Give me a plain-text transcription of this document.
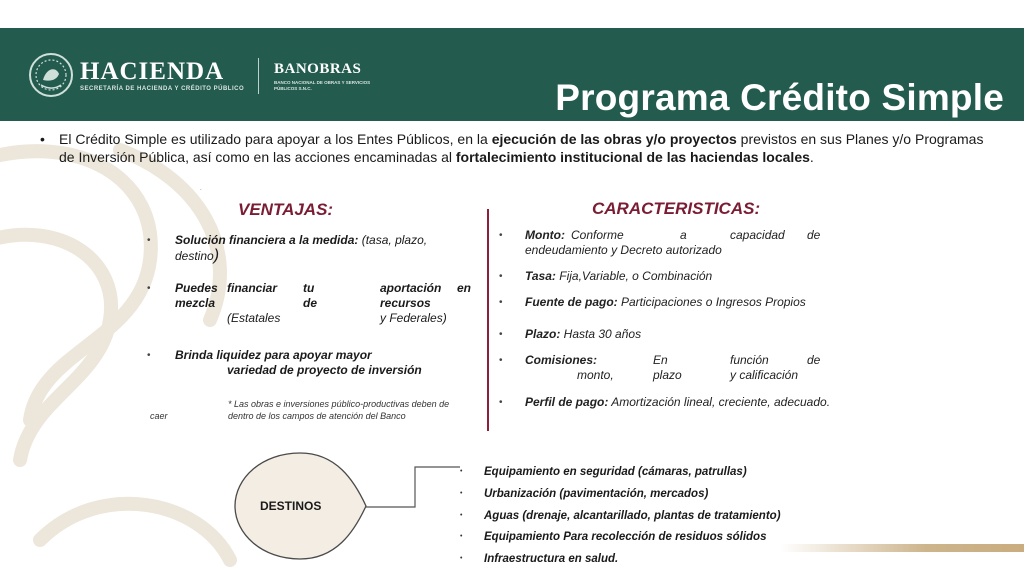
HACIENDA
SECRETARÍA DE HACIENDA Y CRÉDITO PÚBLICO
BANOBRAS
BANCO NACIONAL DE OBRAS Y SERVICIOS PÚBLICOS S.N.C.	Programa Crédito Simple
• El Crédito Simple es utilizado para apoyar a los Entes Públicos, en la ejecución de las obras y/o proyectos previstos en sus Planes y/o Programas de Inversión Pública, así como en las acciones encaminadas al fortalecimiento institucional de las haciendas locales.
.
VENTAJAS:
• Solución financiera a la medida: (tasa, plazo,
destino)
• Puedes financiar tu	aportación en
mezcla	de	recursos
(Estatales	y Federales)
• Brinda liquidez para apoyar mayor
variedad de proyecto de inversión
* Las obras e inversiones público-productivas deben de
caer	dentro de los campos de atención del Banco
CARACTERISTICAS:
• Monto: Conforme	a	capacidad de
endeudamiento y Decreto autorizado
• Tasa: Fija,Variable, o Combinación
• Fuente de pago: Participaciones o Ingresos Propios
• Plazo: Hasta 30 años
• Comisiones:	En	función	de
monto,	plazo	y calificación
• Perfil de pago: Amortización lineal, creciente, adecuado.
DESTINOS
• Equipamiento en seguridad (cámaras, patrullas)
• Urbanización (pavimentación, mercados)
• Aguas (drenaje, alcantarillado, plantas de tratamiento)
• Equipamiento Para recolección de residuos sólidos
• Infraestructura en salud.
